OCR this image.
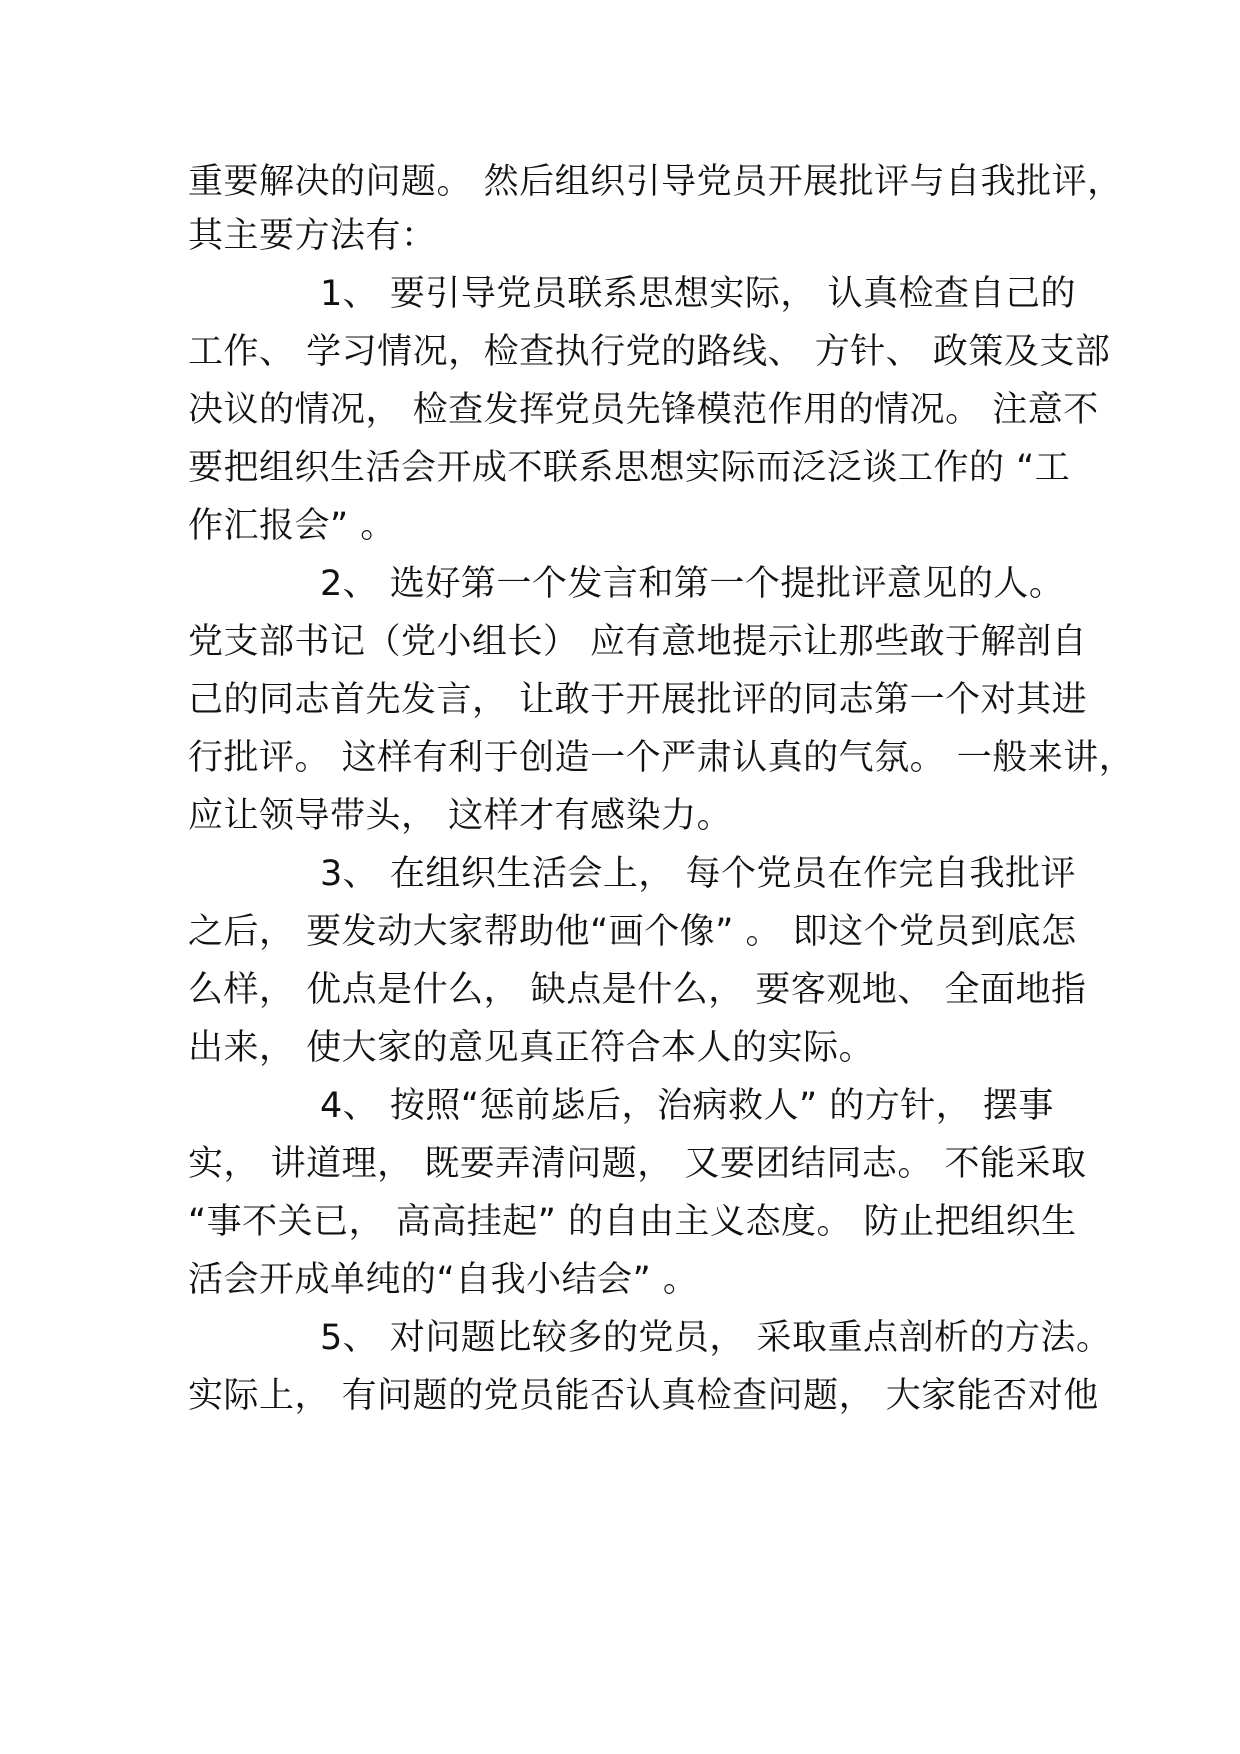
重要解决的问题。 然后组织引导党员开展批评与自我批评，

其主要方法有：

1、 要引导党员联系思想实际， 认真检查自己的

工作、 学习情况，检查执行党的路线、 方针、 政策及支部

决议的情况， 检查发挥党员先锋模范作用的情况。 注意不

要把组织生活会开成不联系思想实际而泛泛谈工作的 “工

作汇报会” 。

2、 选好第一个发言和第一个提批评意见的人。

党支部书记（党小组长） 应有意地提示让那些敢于解剖自

己的同志首先发言， 让敢于开展批评的同志第一个对其进

行批评。 这样有利于创造一个严肃认真的气氛。 一般来讲，

应让领导带头， 这样才有感染力。

3、 在组织生活会上， 每个党员在作完自我批评

之后， 要发动大家帮助他“画个像” 。 即这个党员到底怎

么样， 优点是什么， 缺点是什么， 要客观地、 全面地指

出来， 使大家的意见真正符合本人的实际。

4、 按照“惩前毖后，治病救人” 的方针， 摆事

实， 讲道理， 既要弄清问题， 又要团结同志。 不能采取

“事不关已， 高高挂起” 的自由主义态度。 防止把组织生

活会开成单纯的“自我小结会” 。

5、 对问题比较多的党员， 采取重点剖析的方法。

实际上， 有问题的党员能否认真检查问题， 大家能否对他
